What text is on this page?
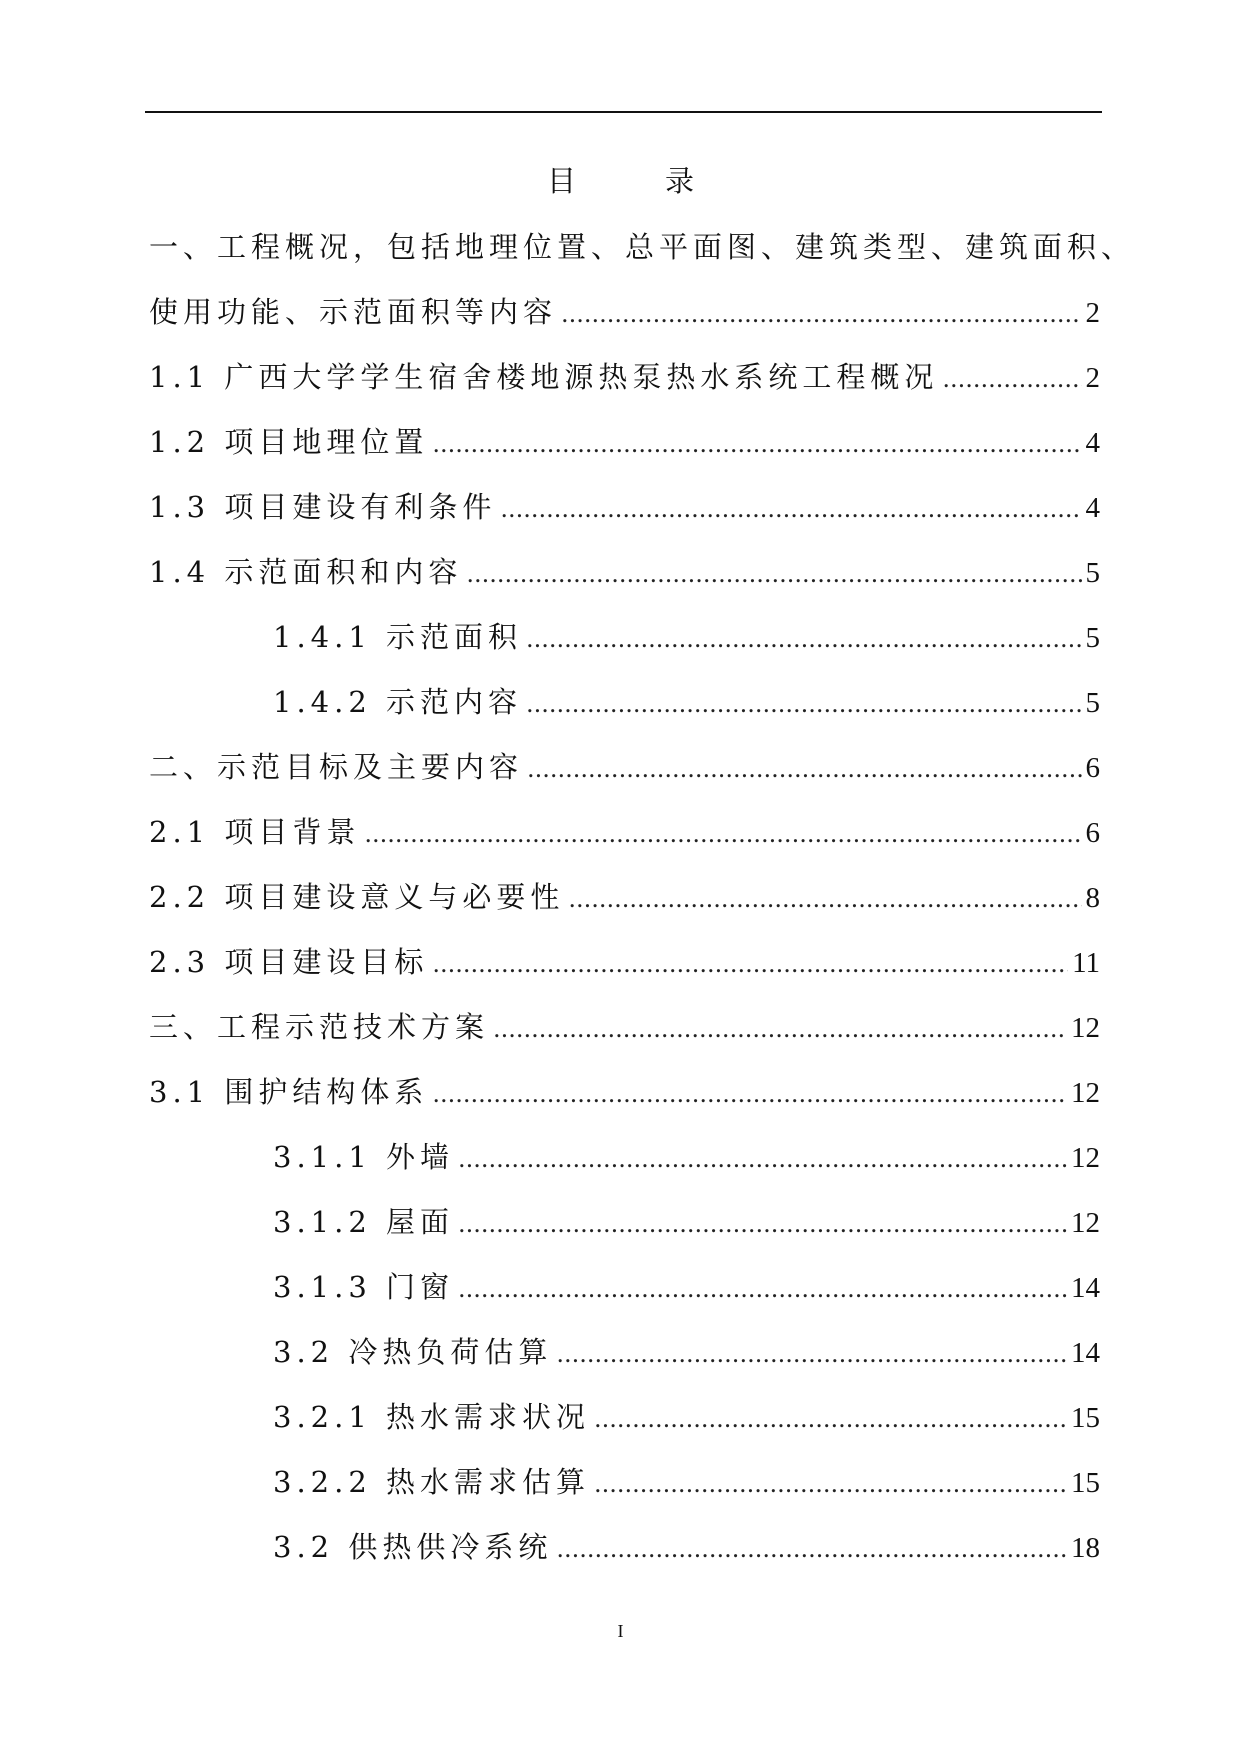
目　录
一、工程概况，包括地理位置、总平面图、建筑类型、建筑面积、
使用功能、示范面积等内容 .....	2
1.1 广西大学学生宿舍楼地源热泵热水系统工程概况 .....	2
1.2 项目地理位置 .....	4
1.3 项目建设有利条件 .....	4
1.4 示范面积和内容 .....	5
1.4.1 示范面积 .....	5
1.4.2 示范内容 .....	5
二、示范目标及主要内容 .....	6
2.1 项目背景 .....	6
2.2 项目建设意义与必要性 .....	8
2.3 项目建设目标 .....	11
三、工程示范技术方案 .....	12
3.1 围护结构体系 .....	12
3.1.1 外墙 .....	12
3.1.2 屋面 .....	12
3.1.3 门窗 .....	14
3.2 冷热负荷估算 .....	14
3.2.1 热水需求状况 .....	15
3.2.2 热水需求估算 .....	15
3.2 供热供冷系统 .....	18
I
